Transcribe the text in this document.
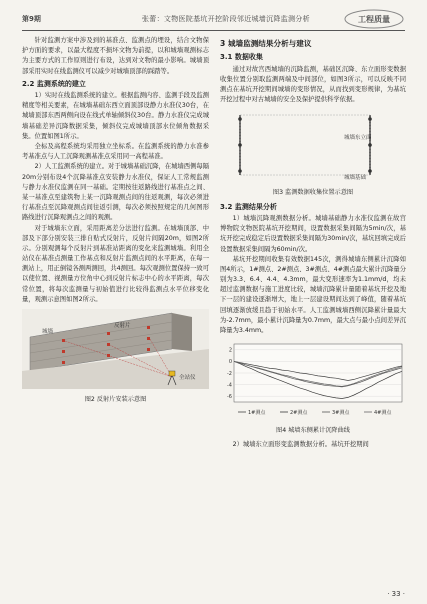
第9期	张蕾：文物医院基坑开挖阶段邻近城墙沉降监测分析	工程质量

针对监测方案中涉及到的基准点、监测点的埋设，结合文物保护方面的要求，以最大程度不损坏文物为前提，以和城墙观测标志为主要方式的工作原则进行布设，达到对文物的最小影响。城墙顶部采用实时在线监测仪可以减少对城墙顶部的踩踏等。

2.2 监测系统的建立

1）实时在线监测系统的建立。根据监测内容、监测手段及监测精度等相关要素，在城墙基础东西立面顶部设静力水准仪30台，在城墙顶部东西两侧向设在线式单轴倾斜仪30台。静力水准仪完成城墙基础差异沉降数据采集，倾斜仪完成城墙顶部水位倾角数据采集。位置如图1所示。

全标及高程系统均采用独立坐标系。在监测系统的静力水准参考基准点与人工沉降观测基准点采用同一高程基准。

2）人工监测系统的建立。对于城墙基础沉降，在城墙西侧每隔20m分别布设4个沉降基准点安装静力水准仪，保证人工常规监测与静力水准仪监测在同一基础。定期按往返路线进行基准点之间、某一基准点至建筑物上某一沉降观测点间的往返观测，每次必须进行基准点至沉降观测点间往返引测，每次必须按照规定的几何图形路线进行沉降观测点之间的观测。

对于城墙东立面，采用距离差分法进行监测。在城墙顶部、中部及下部分别安装三排自贴式反射片，反射片间隔20m，如图2所示。分别观测每个反射片到基准站距离的变化来监测城墙。利用全站仪在基准点测量工作基点和反射片监测点间的水平距离，在每一测站上，用正倒镜各测两测回，共4测回。每次观测位置保持一致可以使位置、视测量方位角中心到反射片标志中心的水平距离，每次常位置，将每次监测量与初始值进行比较得监测点水平位移变化量，观测示意图如图2所示。

城墙
反射片
全站仪
图2 反射片安装示意图
3 城墙监测结果分析与建议
3.1 数据收集

通过对故宫西城墙的沉降监测，基础区沉降、东立面形变数据收集位置分别取监测两端及中间部位，如图3所示，可以反映不同测点在基坑开挖期间城墙的变形情况，从而找到变形规律，为基坑开挖过程中对古城墙的安全及保护提供科学依据。

城墙东立面
城墙基础
图3 监测数据收集位置示意图
3.2 监测结果分析

1）城墙沉降观测数据分析。城墙基础静力水准仪监测在故宫博物院文物医院基坑开挖期间，设置数据采集间隔为5min/次，基坑开挖完成稳定后设置数据采集间隔为30min/次，基坑回填完成后设置数据采集间隔为60min/次。

基坑开挖期间收集有效数据145次，测得城墙东侧累计沉降如图4所示，1#测点、2#测点、3#测点、4#测点最大累计沉降量分别为3.3、6.4、4.4、4.3mm，最大变形速率为1.1mm/d，均未超过监测数据与施工进度比较，城墙沉降累计量随着基坑开挖及地下一层的建设逐渐增大，地上一层建设期间达到了峰值，随着基坑回填逐渐放缓且趋于初始水平。人工监测城墙西侧沉降累计量最大为-2.7mm，最小累计沉降量为0.7mm，最大点与最小点间差异沉降量为3.4mm。

2
0
-2
-4
-6
1#测点	2#测点	3#测点	4#测点
图4 城墙东侧累计沉降曲线

2）城墙东立面形变监测数据分析。基坑开挖期间

· 33 ·
